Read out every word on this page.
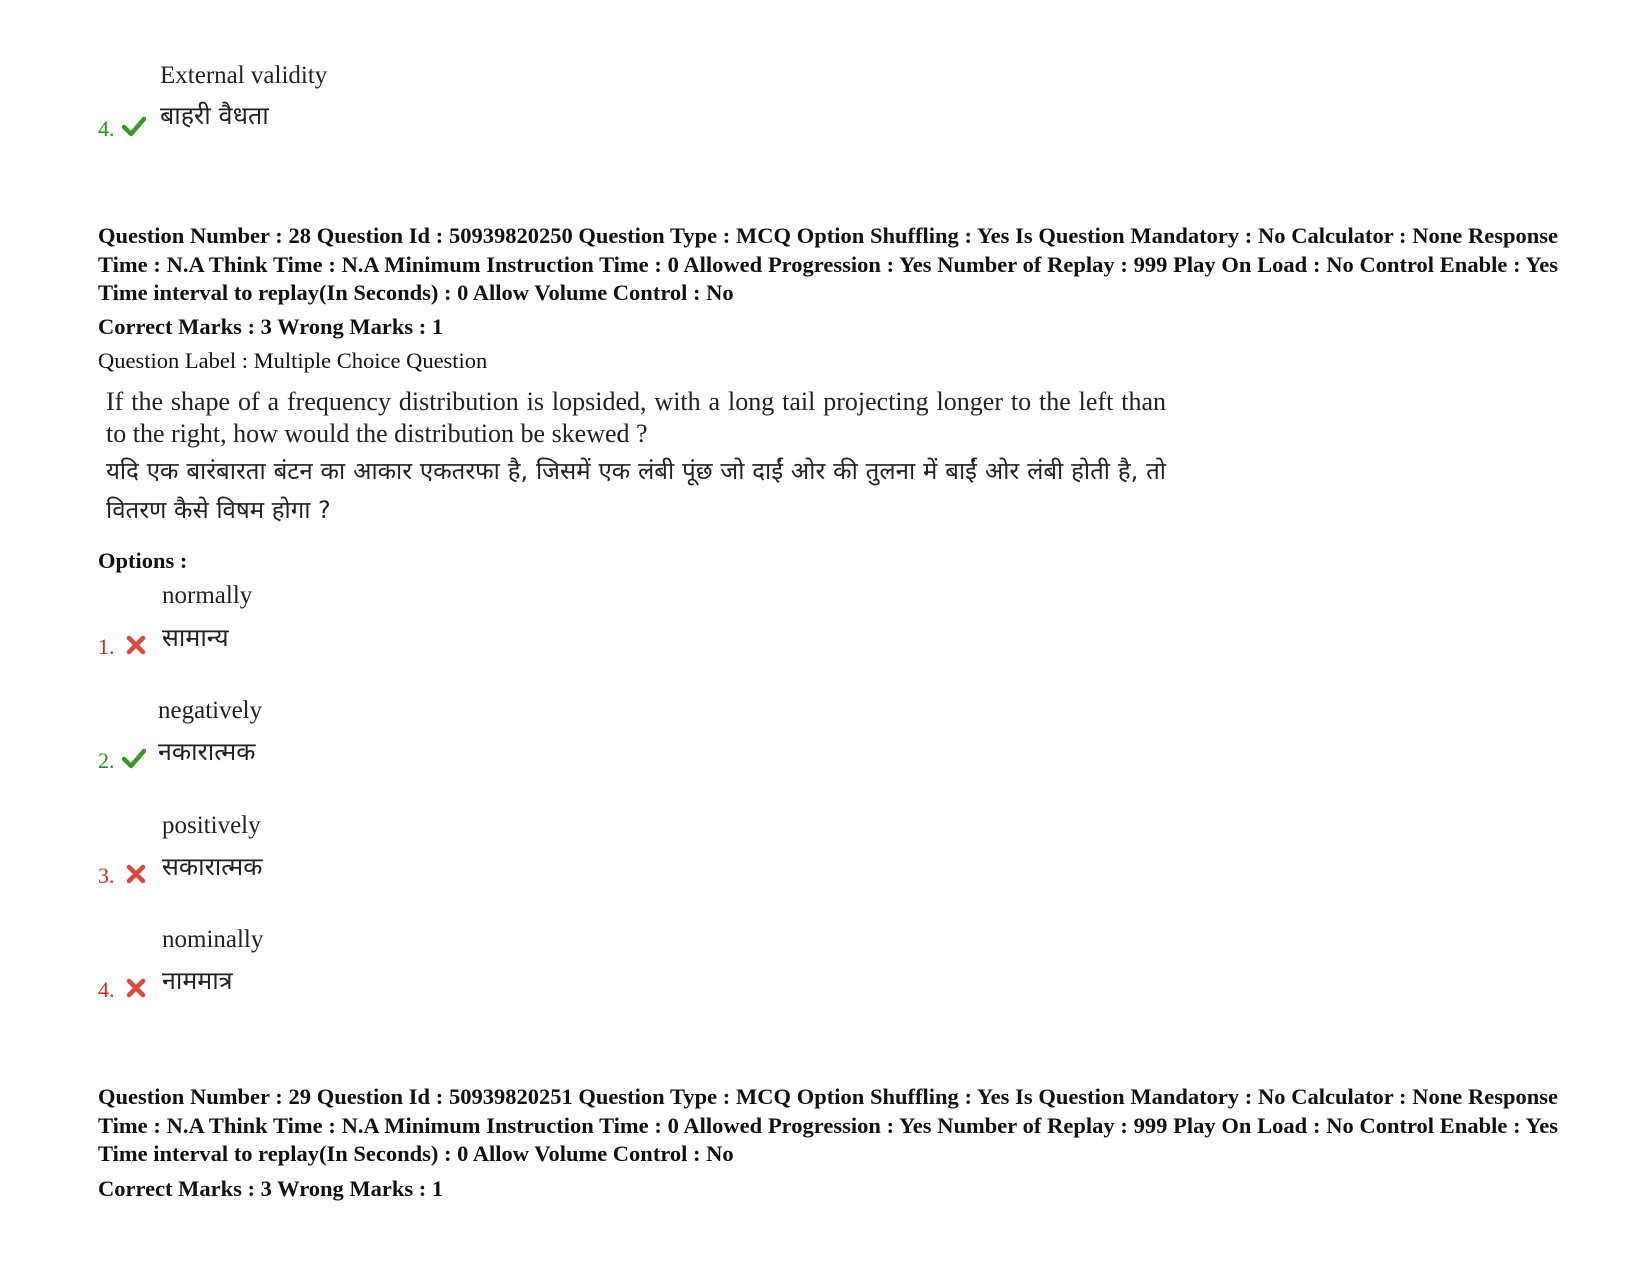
External validity
बाहरी वैधता
4.
Question Number : 28 Question Id : 50939820250 Question Type : MCQ Option Shuffling : Yes Is Question Mandatory : No Calculator : None Response Time : N.A Think Time : N.A Minimum Instruction Time : 0 Allowed Progression : Yes Number of Replay : 999 Play On Load : No Control Enable : Yes Time interval to replay(In Seconds) : 0 Allow Volume Control : No
Correct Marks : 3 Wrong Marks : 1
Question Label : Multiple Choice Question
If the shape of a frequency distribution is lopsided, with a long tail projecting longer to the left than to the right, how would the distribution be skewed ?
यदि एक बारंबारता बंटन का आकार एकतरफा है, जिसमें एक लंबी पूंछ जो दाईं ओर की तुलना में बाईं ओर लंबी होती है, तो वितरण कैसे विषम होगा ?
Options :
normally
सामान्य
1.
negatively
नकारात्मक
2.
positively
सकारात्मक
3.
nominally
नाममात्र
4.
Question Number : 29 Question Id : 50939820251 Question Type : MCQ Option Shuffling : Yes Is Question Mandatory : No Calculator : None Response Time : N.A Think Time : N.A Minimum Instruction Time : 0 Allowed Progression : Yes Number of Replay : 999 Play On Load : No Control Enable : Yes Time interval to replay(In Seconds) : 0 Allow Volume Control : No
Correct Marks : 3 Wrong Marks : 1
